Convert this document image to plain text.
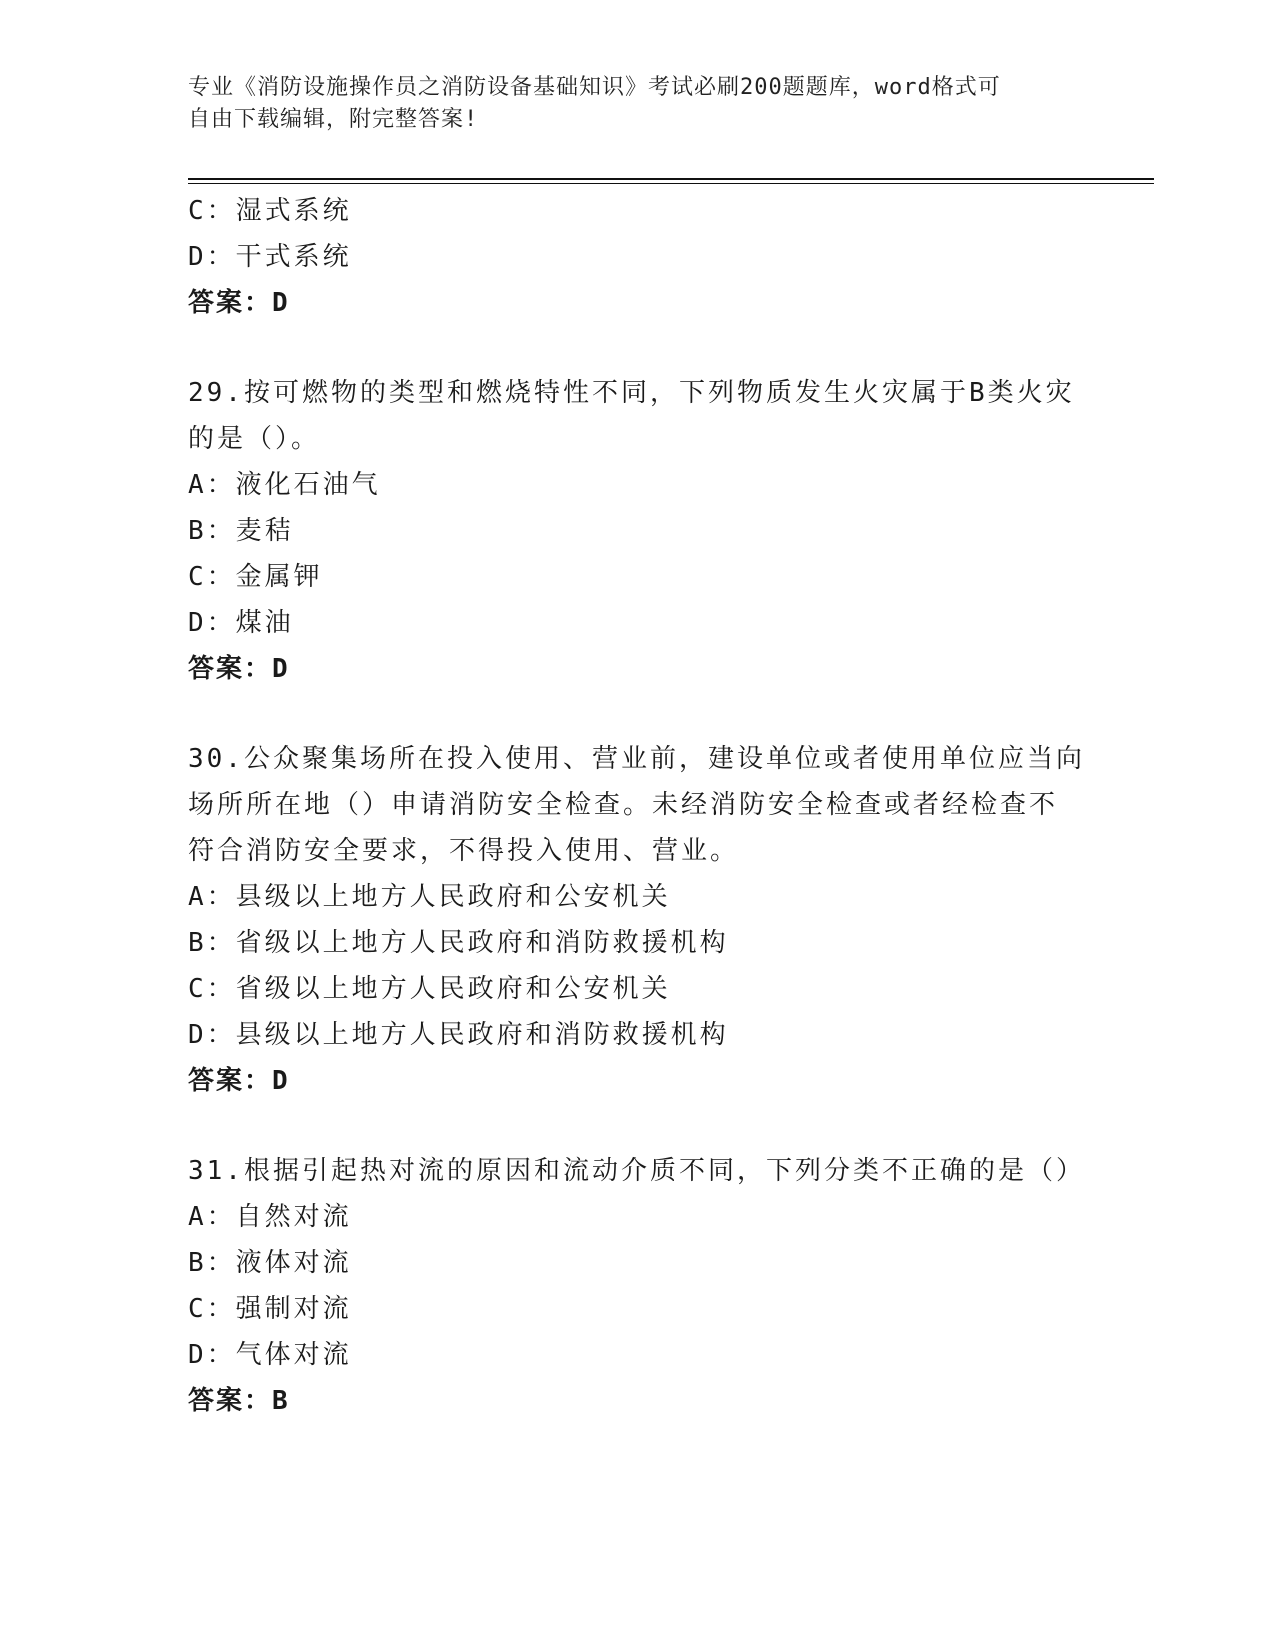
专业《消防设施操作员之消防设备基础知识》考试必刷200题题库，word格式可
自由下载编辑，附完整答案!
C：湿式系统
D：干式系统
答案：D
29.按可燃物的类型和燃烧特性不同，下列物质发生火灾属于B类火灾
的是（）。
A：液化石油气
B：麦秸
C：金属钾
D：煤油
答案：D
30.公众聚集场所在投入使用、营业前，建设单位或者使用单位应当向
场所所在地（）申请消防安全检查。未经消防安全检查或者经检查不
符合消防安全要求，不得投入使用、营业。
A：县级以上地方人民政府和公安机关
B：省级以上地方人民政府和消防救援机构
C：省级以上地方人民政府和公安机关
D：县级以上地方人民政府和消防救援机构
答案：D
31.根据引起热对流的原因和流动介质不同，下列分类不正确的是（）
A：自然对流
B：液体对流
C：强制对流
D：气体对流
答案：B
